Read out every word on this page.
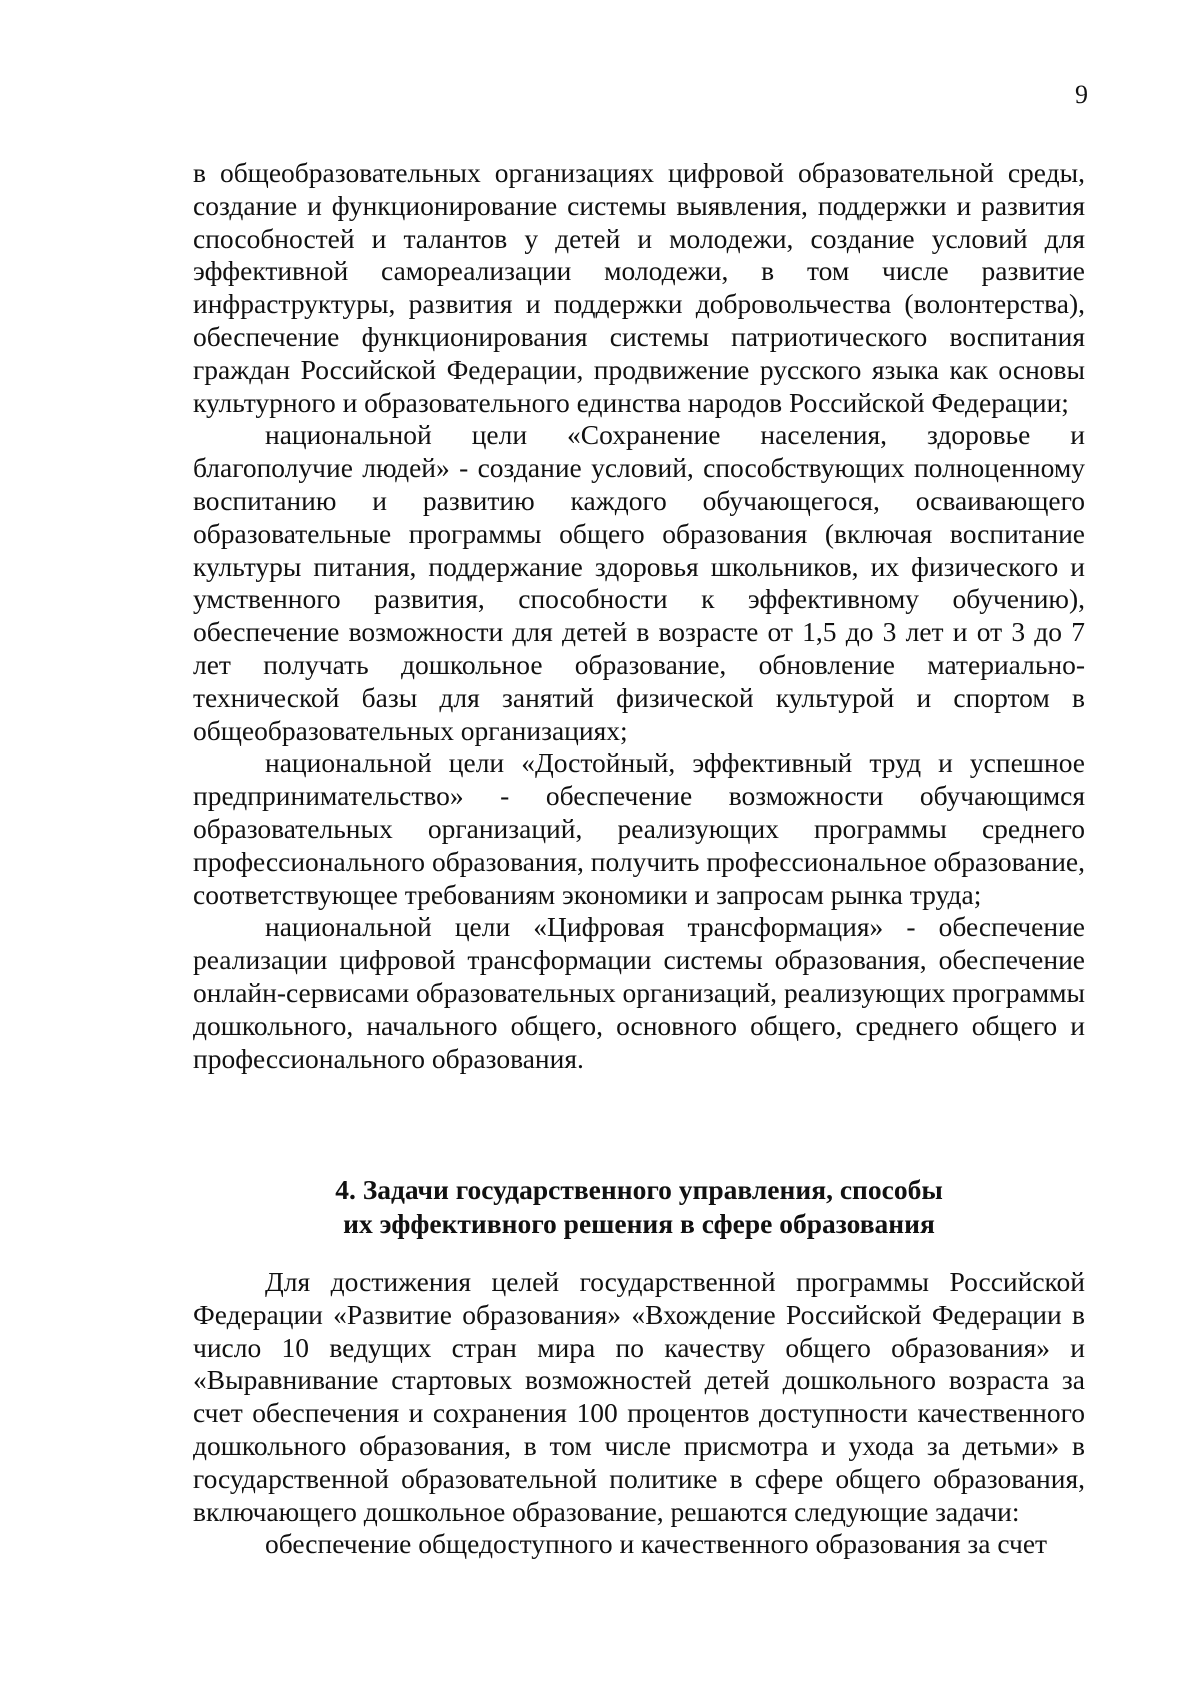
9

в общеобразовательных организациях цифровой образовательной среды, создание и функционирование системы выявления, поддержки и развития способностей и талантов у детей и молодежи, создание условий для эффективной самореализации молодежи, в том числе развитие инфраструктуры, развития и поддержки добровольчества (волонтерства), обеспечение функционирования системы патриотического воспитания граждан Российской Федерации, продвижение русского языка как основы культурного и образовательного единства народов Российской Федерации;

национальной цели «Сохранение населения, здоровье и благополучие людей» - создание условий, способствующих полноценному воспитанию и развитию каждого обучающегося, осваивающего образовательные программы общего образования (включая воспитание культуры питания, поддержание здоровья школьников, их физического и умственного развития, способности к эффективному обучению), обеспечение возможности для детей в возрасте от 1,5 до 3 лет и от 3 до 7 лет получать дошкольное образование, обновление материально-технической базы для занятий физической культурой и спортом в общеобразовательных организациях;

национальной цели «Достойный, эффективный труд и успешное предпринимательство» - обеспечение возможности обучающимся образовательных организаций, реализующих программы среднего профессионального образования, получить профессиональное образование, соответствующее требованиям экономики и запросам рынка труда;

национальной цели «Цифровая трансформация» - обеспечение реализации цифровой трансформации системы образования, обеспечение онлайн-сервисами образовательных организаций, реализующих программы дошкольного, начального общего, основного общего, среднего общего и профессионального образования.

4. Задачи государственного управления, способы
их эффективного решения в сфере образования

Для достижения целей государственной программы Российской Федерации «Развитие образования» «Вхождение Российской Федерации в число 10 ведущих стран мира по качеству общего образования» и «Выравнивание стартовых возможностей детей дошкольного возраста за счет обеспечения и сохранения 100 процентов доступности качественного дошкольного образования, в том числе присмотра и ухода за детьми» в государственной образовательной политике в сфере общего образования, включающего дошкольное образование, решаются следующие задачи:

обеспечение общедоступного и качественного образования за счет
